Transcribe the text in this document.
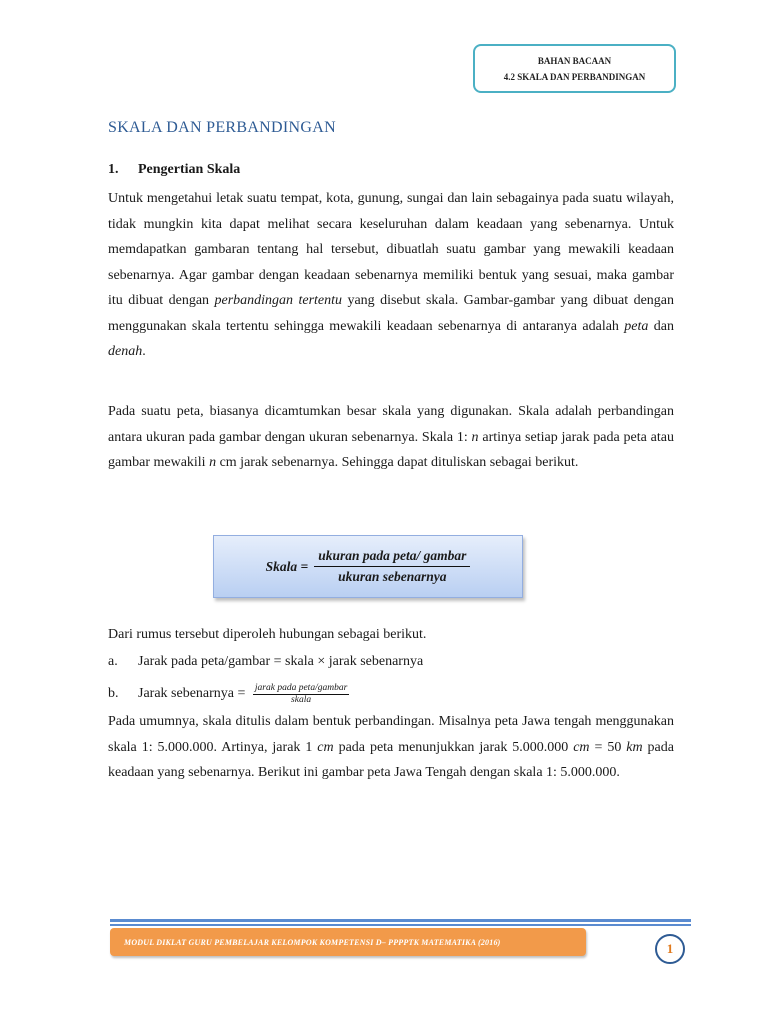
BAHAN BACAAN
4.2 SKALA DAN PERBANDINGAN
SKALA DAN PERBANDINGAN
1. Pengertian Skala
Untuk mengetahui letak suatu tempat, kota, gunung, sungai dan lain sebagainya pada suatu wilayah, tidak mungkin kita dapat melihat secara keseluruhan dalam keadaan yang sebenarnya. Untuk memdapatkan gambaran tentang hal tersebut, dibuatlah suatu gambar yang mewakili keadaan sebenarnya. Agar gambar dengan keadaan sebenarnya memiliki bentuk yang sesuai, maka gambar itu dibuat dengan perbandingan tertentu yang disebut skala. Gambar-gambar yang dibuat dengan menggunakan skala tertentu sehingga mewakili keadaan sebenarnya di antaranya adalah peta dan denah.
Pada suatu peta, biasanya dicamtumkan besar skala yang digunakan. Skala adalah perbandingan antara ukuran pada gambar dengan ukuran sebenarnya. Skala 1: n artinya setiap jarak pada peta atau gambar mewakili n cm jarak sebenarnya. Sehingga dapat dituliskan sebagai berikut.
Skala = $\frac{\text{ukuran pada peta/ gambar}}{\text{ukuran sebenarnya}}$
Dari rumus tersebut diperoleh hubungan sebagai berikut.
a. Jarak pada peta/gambar = skala × jarak sebenarnya
b. Jarak sebenarnya = jarak pada peta/gambar
skala
Pada umumnya, skala ditulis dalam bentuk perbandingan. Misalnya peta Jawa tengah menggunakan skala 1: 5.000.000. Artinya, jarak 1 cm pada peta menunjukkan jarak 5.000.000 cm = 50 km pada keadaan yang sebenarnya. Berikut ini gambar peta Jawa Tengah dengan skala 1: 5.000.000.
MODUL DIKLAT GURU PEMBELAJAR KELOMPOK KOMPETENSI D– PPPPTK MATEMATIKA (2016)	1
